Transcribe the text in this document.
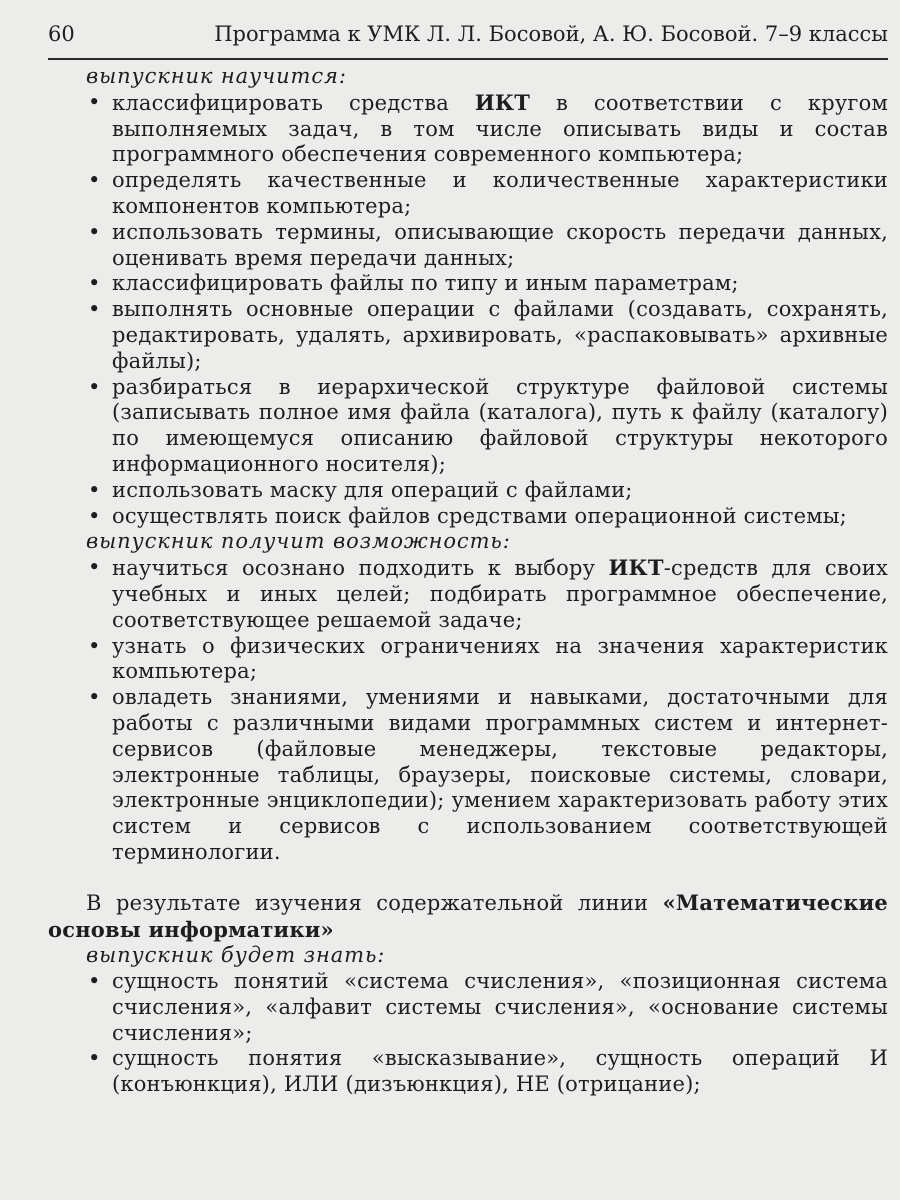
60	Программа к УМК Л. Л. Босовой, А. Ю. Босовой. 7–9 классы

выпускник научится:

• классифицировать средства ИКТ в соответствии с кругом выполняемых задач, в том числе описывать виды и состав программного обеспечения современного компьютера;
• определять качественные и количественные характеристики компонентов компьютера;
• использовать термины, описывающие скорость передачи данных, оценивать время передачи данных;
• классифицировать файлы по типу и иным параметрам;
• выполнять основные операции с файлами (создавать, сохранять, редактировать, удалять, архивировать, «распаковывать» архивные файлы);
• разбираться в иерархической структуре файловой системы (записывать полное имя файла (каталога), путь к файлу (каталогу) по имеющемуся описанию файловой структуры некоторого информационного носителя);
• использовать маску для операций с файлами;
• осуществлять поиск файлов средствами операционной системы;

выпускник получит возможность:

• научиться осознано подходить к выбору ИКТ-средств для своих учебных и иных целей; подбирать программное обеспечение, соответствующее решаемой задаче;
• узнать о физических ограничениях на значения характеристик компьютера;
• овладеть знаниями, умениями и навыками, достаточными для работы с различными видами программных систем и интернет-сервисов (файловые менеджеры, текстовые редакторы, электронные таблицы, браузеры, поисковые системы, словари, электронные энциклопедии); умением характеризовать работу этих систем и сервисов с использованием соответствующей терминологии.

В результате изучения содержательной линии «Математические основы информатики»

выпускник будет знать:

• сущность понятий «система счисления», «позиционная система счисления», «алфавит системы счисления», «основание системы счисления»;
• сущность понятия «высказывание», сущность операций И (конъюнкция), ИЛИ (дизъюнкция), НЕ (отрицание);
